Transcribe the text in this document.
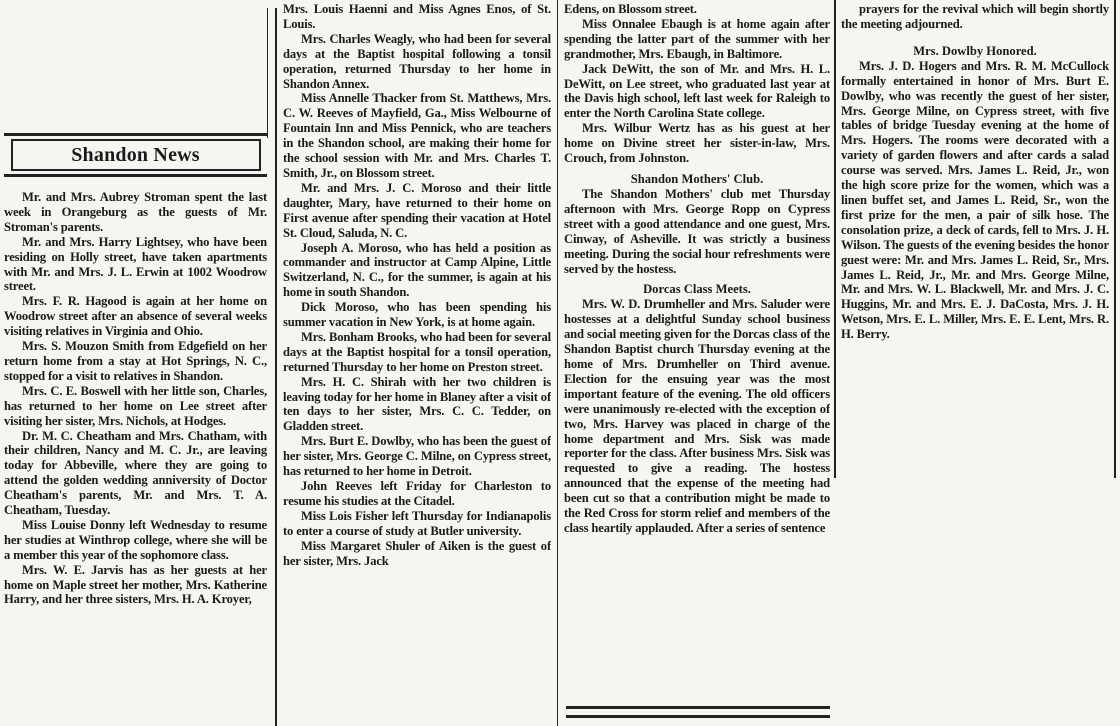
Shandon News

Mr. and Mrs. Aubrey Stroman spent the last week in Orangeburg as the guests of Mr. Stroman's parents.

Mr. and Mrs. Harry Lightsey, who have been residing on Holly street, have taken apartments with Mr. and Mrs. J. L. Erwin at 1002 Woodrow street.

Mrs. F. R. Hagood is again at her home on Woodrow street after an absence of several weeks visiting relatives in Virginia and Ohio.

Mrs. S. Mouzon Smith from Edgefield on her return home from a stay at Hot Springs, N. C., stopped for a visit to relatives in Shandon.

Mrs. C. E. Boswell with her little son, Charles, has returned to her home on Lee street after visiting her sister, Mrs. Nichols, at Hodges.

Dr. M. C. Cheatham and Mrs. Chatham, with their children, Nancy and M. C. Jr., are leaving today for Abbeville, where they are going to attend the golden wedding anniversity of Doctor Cheatham's parents, Mr. and Mrs. T. A. Cheatham, Tuesday.

Miss Louise Donny left Wednesday to resume her studies at Winthrop college, where she will be a member this year of the sophomore class.

Mrs. W. E. Jarvis has as her guests at her home on Maple street her mother, Mrs. Katherine Harry, and her three sisters, Mrs. H. A. Kroyer,

Mrs. Louis Haenni and Miss Agnes Enos, of St. Louis.

Mrs. Charles Weagly, who had been for several days at the Baptist hospital following a tonsil operation, returned Thursday to her home in Shandon Annex.

Miss Annelle Thacker from St. Matthews, Mrs. C. W. Reeves of Mayfield, Ga., Miss Welbourne of Fountain Inn and Miss Pennick, who are teachers in the Shandon school, are making their home for the school session with Mr. and Mrs. Charles T. Smith, Jr., on Blossom street.

Mr. and Mrs. J. C. Moroso and their little daughter, Mary, have returned to their home on First avenue after spending their vacation at Hotel St. Cloud, Saluda, N. C.

Joseph A. Moroso, who has held a position as commander and instructor at Camp Alpine, Little Switzerland, N. C., for the summer, is again at his home in south Shandon.

Dick Moroso, who has been spending his summer vacation in New York, is at home again.

Mrs. Bonham Brooks, who had been for several days at the Baptist hospital for a tonsil operation, returned Thursday to her home on Preston street.

Mrs. H. C. Shirah with her two children is leaving today for her home in Blaney after a visit of ten days to her sister, Mrs. C. C. Tedder, on Gladden street.

Mrs. Burt E. Dowlby, who has been the guest of her sister, Mrs. George C. Milne, on Cypress street, has returned to her home in Detroit.

John Reeves left Friday for Charleston to resume his studies at the Citadel.

Miss Lois Fisher left Thursday for Indianapolis to enter a course of study at Butler university.

Miss Margaret Shuler of Aiken is the guest of her sister, Mrs. Jack

Edens, on Blossom street.

Miss Onnalee Ebaugh is at home again after spending the latter part of the summer with her grandmother, Mrs. Ebaugh, in Baltimore.

Jack DeWitt, the son of Mr. and Mrs. H. L. DeWitt, on Lee street, who graduated last year at the Davis high school, left last week for Raleigh to enter the North Carolina State college.

Mrs. Wilbur Wertz has as his guest at her home on Divine street her sister-in-law, Mrs. Crouch, from Johnston.

Shandon Mothers' Club.

The Shandon Mothers' club met Thursday afternoon with Mrs. George Ropp on Cypress street with a good attendance and one guest, Mrs. Cinway, of Asheville. It was strictly a business meeting. During the social hour refreshments were served by the hostess.

Dorcas Class Meets.

Mrs. W. D. Drumheller and Mrs. Saluder were hostesses at a delightful Sunday school business and social meeting given for the Dorcas class of the Shandon Baptist church Thursday evening at the home of Mrs. Drumheller on Third avenue. Election for the ensuing year was the most important feature of the evening. The old officers were unanimously re-elected with the exception of two, Mrs. Harvey was placed in charge of the home department and Mrs. Sisk was made reporter for the class. After business Mrs. Sisk was requested to give a reading. The hostess announced that the expense of the meeting had been cut so that a contribution might be made to the Red Cross for storm relief and members of the class heartily applauded. After a series of sentence

prayers for the revival which will begin shortly the meeting adjourned.

Mrs. Dowlby Honored.

Mrs. J. D. Hogers and Mrs. R. M. McCullock formally entertained in honor of Mrs. Burt E. Dowlby, who was recently the guest of her sister, Mrs. George Milne, on Cypress street, with five tables of bridge Tuesday evening at the home of Mrs. Hogers. The rooms were decorated with a variety of garden flowers and after cards a salad course was served. Mrs. James L. Reid, Jr., won the high score prize for the women, which was a linen buffet set, and James L. Reid, Sr., won the first prize for the men, a pair of silk hose. The consolation prize, a deck of cards, fell to Mrs. J. H. Wilson. The guests of the evening besides the honor guest were: Mr. and Mrs. James L. Reid, Sr., Mrs. James L. Reid, Jr., Mr. and Mrs. George Milne, Mr. and Mrs. W. L. Blackwell, Mr. and Mrs. J. C. Huggins, Mr. and Mrs. E. J. DaCosta, Mrs. J. H. Wetson, Mrs. E. L. Miller, Mrs. E. E. Lent, Mrs. R. H. Berry.
